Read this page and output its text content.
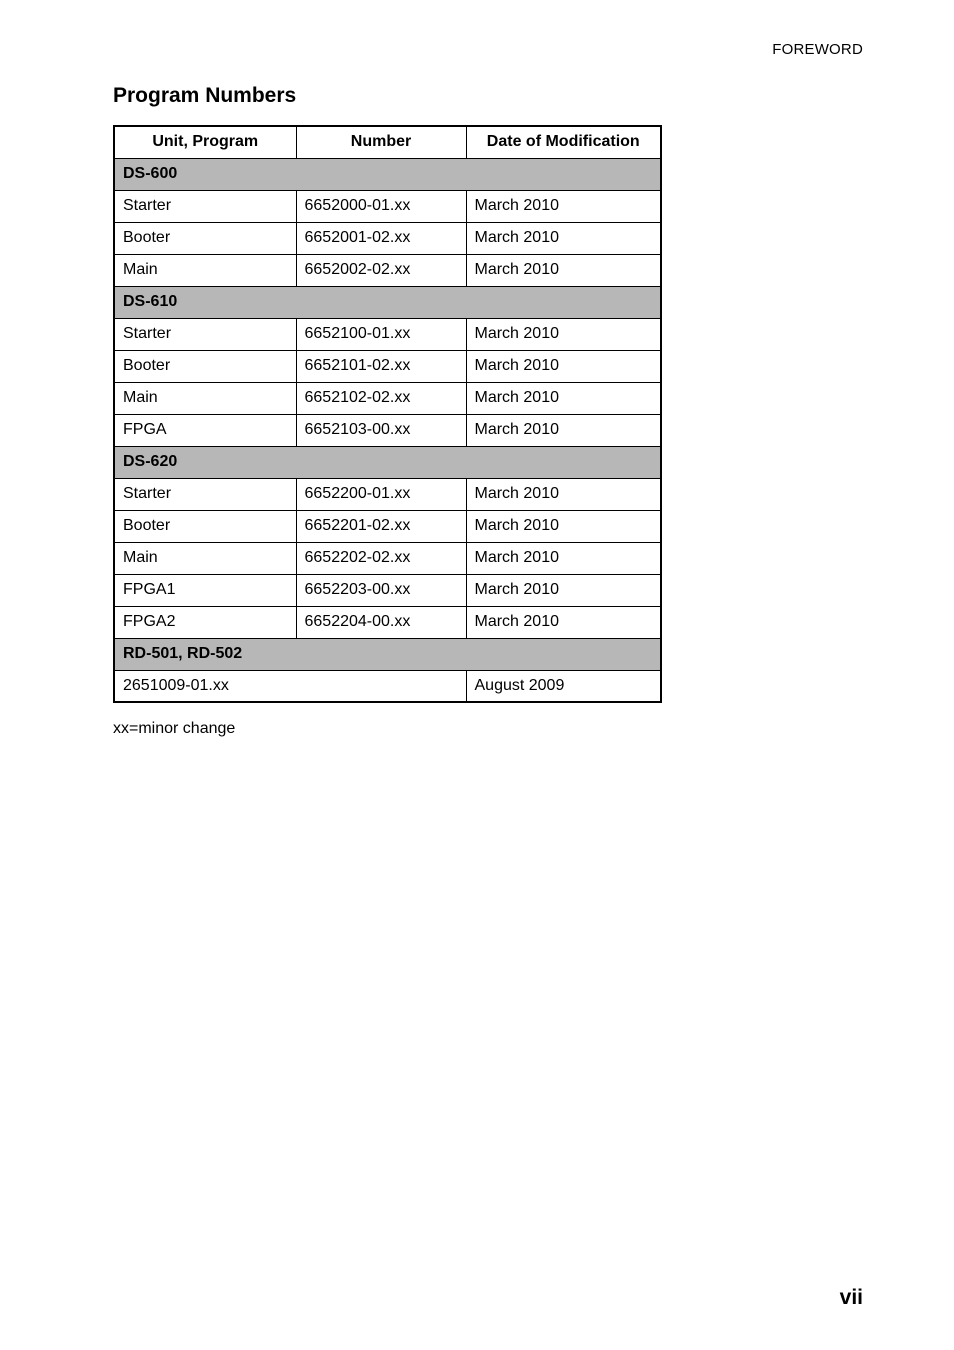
FOREWORD
Program Numbers
Unit, Program	Number	Date of Modification
DS-600		
Starter	6652000-01.xx	March 2010
Booter	6652001-02.xx	March 2010
Main	6652002-02.xx	March 2010
DS-610		
Starter	6652100-01.xx	March 2010
Booter	6652101-02.xx	March 2010
Main	6652102-02.xx	March 2010
FPGA	6652103-00.xx	March 2010
DS-620		
Starter	6652200-01.xx	March 2010
Booter	6652201-02.xx	March 2010
Main	6652202-02.xx	March 2010
FPGA1	6652203-00.xx	March 2010
FPGA2	6652204-00.xx	March 2010
RD-501, RD-502		
2651009-01.xx		August 2009
xx=minor change
vii
